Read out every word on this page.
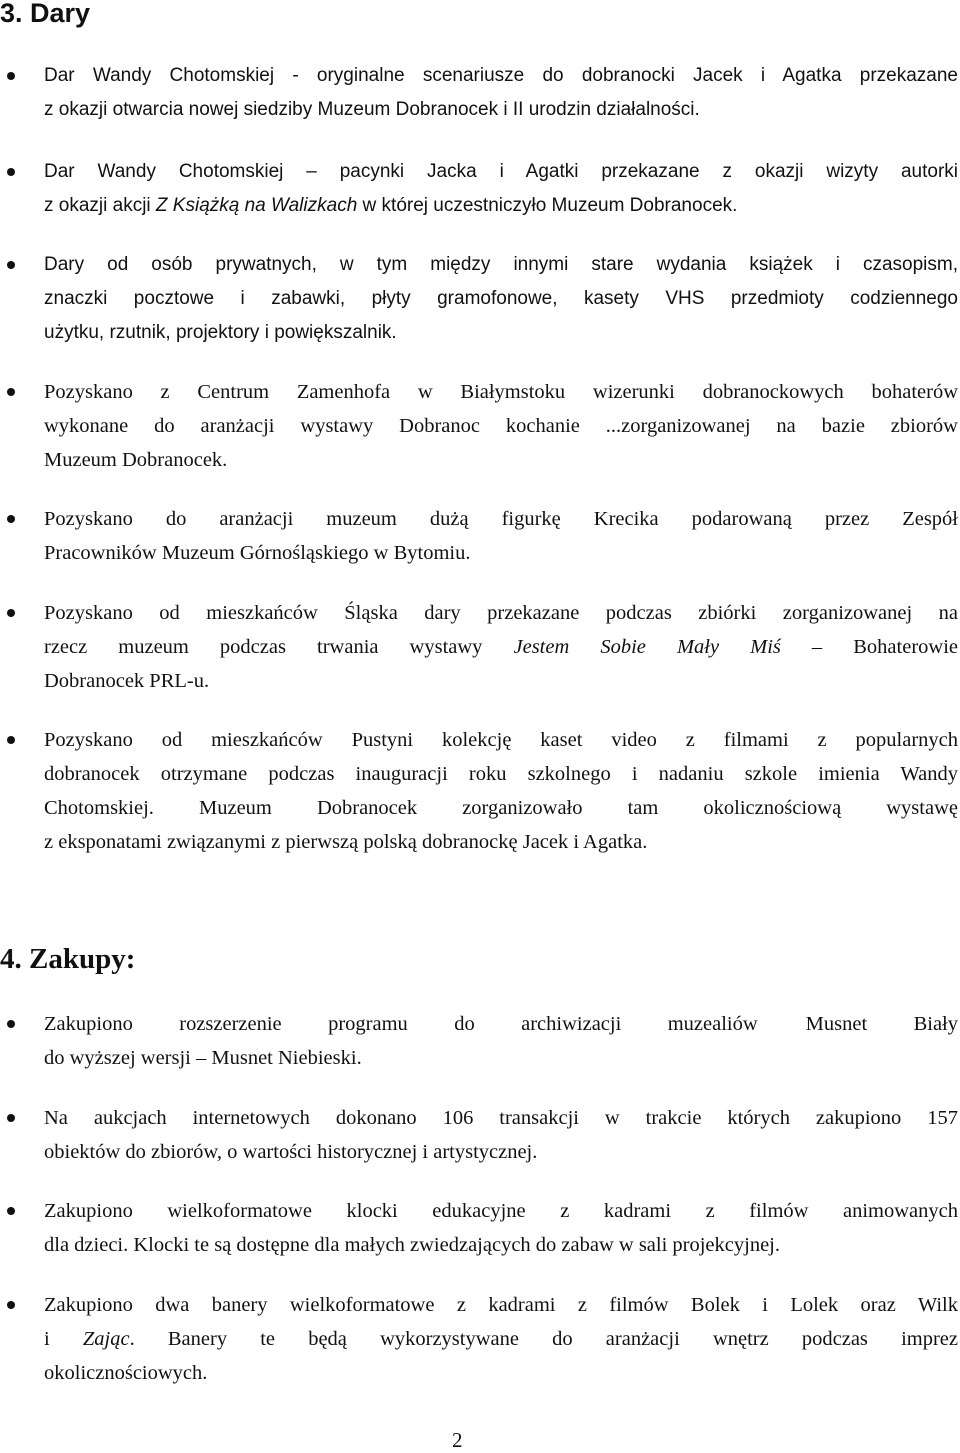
3. Dary
Dar Wandy Chotomskiej - oryginalne scenariusze do dobranocki Jacek i Agatka przekazane
z okazji otwarcia nowej siedziby Muzeum Dobranocek i II urodzin działalności.
Dar Wandy Chotomskiej – pacynki Jacka i Agatki przekazane z okazji wizyty autorki
z okazji akcji Z Książką na Walizkach w której uczestniczyło Muzeum Dobranocek.
Dary od osób prywatnych, w tym między innymi stare wydania książek i czasopism,
znaczki pocztowe i zabawki, płyty gramofonowe, kasety VHS przedmioty codziennego
użytku, rzutnik, projektory i powiększalnik.
Pozyskano z Centrum Zamenhofa w Białymstoku wizerunki dobranockowych bohaterów
wykonane do aranżacji wystawy Dobranoc kochanie ...zorganizowanej na bazie zbiorów
Muzeum Dobranocek.
Pozyskano do aranżacji muzeum dużą figurkę Krecika podarowaną przez Zespół
Pracowników Muzeum Górnośląskiego w Bytomiu.
Pozyskano od mieszkańców Śląska dary przekazane podczas zbiórki zorganizowanej na
rzecz muzeum podczas trwania wystawy Jestem Sobie Mały Miś – Bohaterowie
Dobranocek PRL-u.
Pozyskano od mieszkańców Pustyni kolekcję kaset video z filmami z popularnych
dobranocek otrzymane podczas inauguracji roku szkolnego i nadaniu szkole imienia Wandy
Chotomskiej. Muzeum Dobranocek zorganizowało tam okolicznościową wystawę
z eksponatami związanymi z pierwszą polską dobranockę Jacek i Agatka.
4. Zakupy:
Zakupiono rozszerzenie programu do archiwizacji muzealiów Musnet Biały
do wyższej wersji – Musnet Niebieski.
Na aukcjach internetowych dokonano 106 transakcji w trakcie których zakupiono 157
obiektów do zbiorów, o wartości historycznej i artystycznej.
Zakupiono wielkoformatowe klocki edukacyjne z kadrami z filmów animowanych
dla dzieci. Klocki te są dostępne dla małych zwiedzających do zabaw w sali projekcyjnej.
Zakupiono dwa banery wielkoformatowe z kadrami z filmów Bolek i Lolek oraz Wilk
i Zając. Banery te będą wykorzystywane do aranżacji wnętrz podczas imprez
okolicznościowych.
2
